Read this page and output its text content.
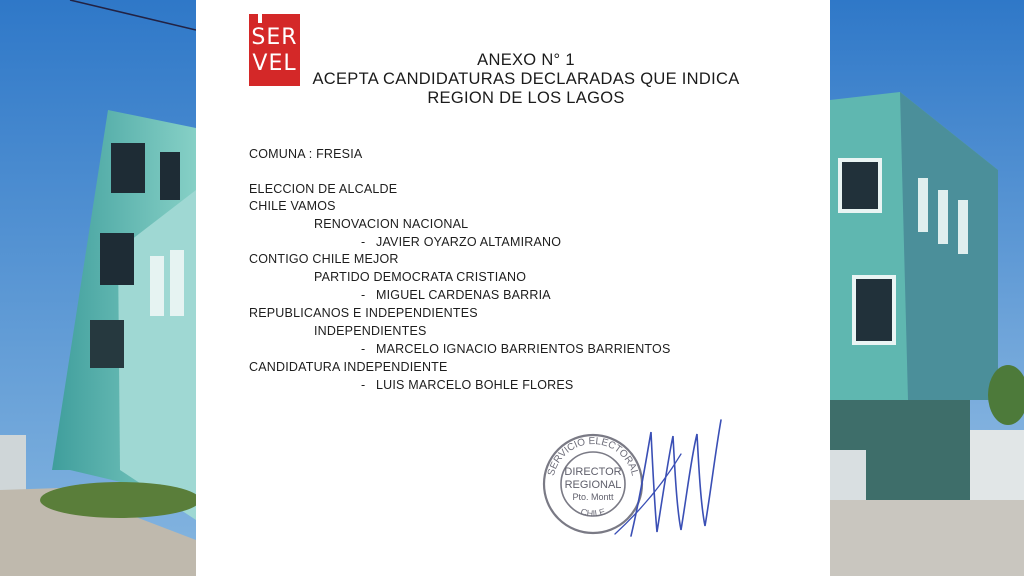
SER
VEL	ANEXO N° 1
ACEPTA CANDIDATURAS DECLARADAS QUE INDICA
REGION DE LOS LAGOS
COMUNA : FRESIA
ELECCION DE ALCALDE
CHILE VAMOS
RENOVACION NACIONAL
- JAVIER OYARZO ALTAMIRANO
CONTIGO CHILE MEJOR
PARTIDO DEMOCRATA CRISTIANO
- MIGUEL CARDENAS BARRIA
REPUBLICANOS E INDEPENDIENTES
INDEPENDIENTES
- MARCELO IGNACIO BARRIENTOS BARRIENTOS
CANDIDATURA INDEPENDIENTE
- LUIS MARCELO BOHLE FLORES
SERVICIO ELECTORAL
CHILE
DIRECTOR
REGIONAL
Pto. Montt
